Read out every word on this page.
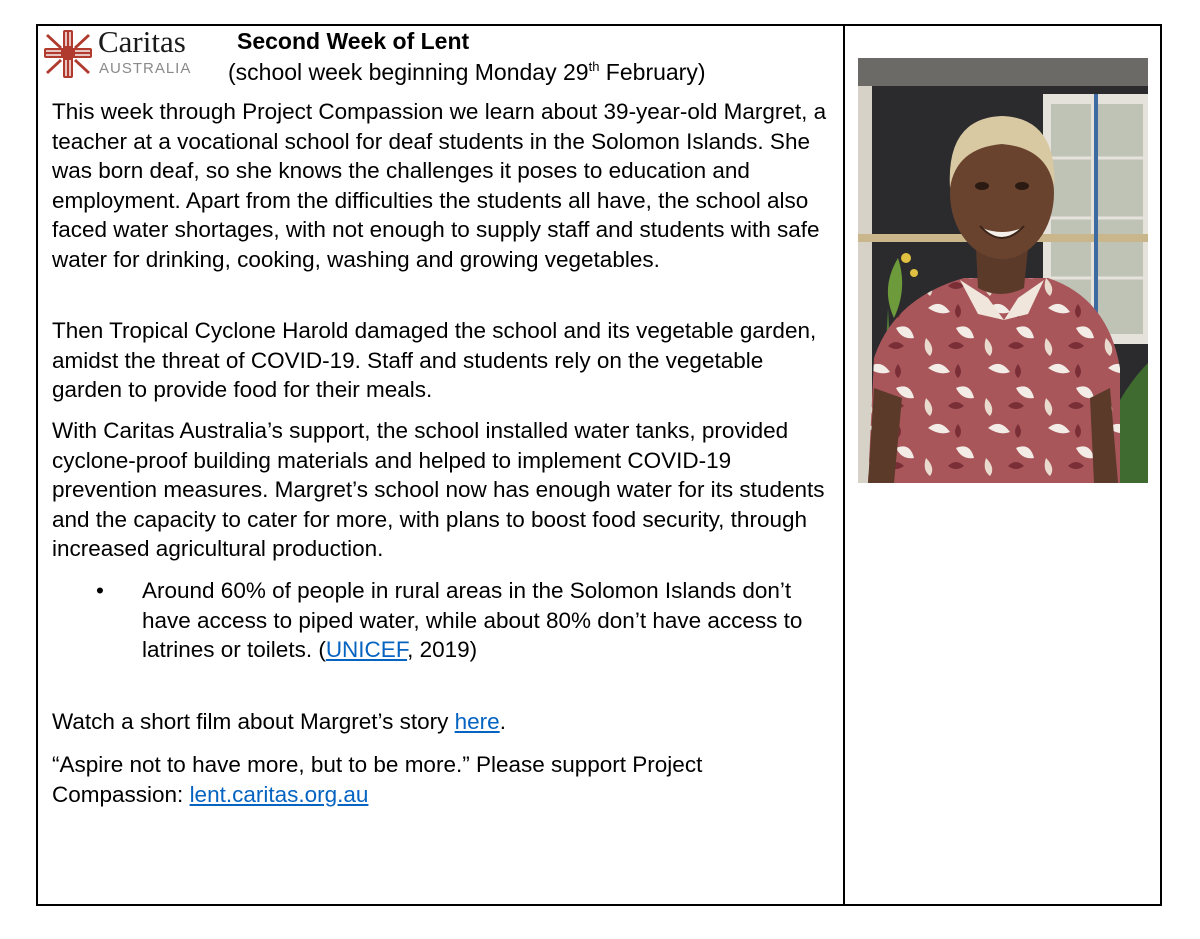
Caritas
AUSTRALIA
Second Week of Lent
(school week beginning Monday 29th February)

This week through Project Compassion we learn about 39-year-old Margret, a teacher at a vocational school for deaf students in the Solomon Islands. She was born deaf, so she knows the challenges it poses to education and employment. Apart from the difficulties the students all have, the school also faced water shortages, with not enough to supply staff and students with safe water for drinking, cooking, washing and growing vegetables.

Then Tropical Cyclone Harold damaged the school and its vegetable garden, amidst the threat of COVID-19. Staff and students rely on the vegetable garden to provide food for their meals.

With Caritas Australia’s support, the school installed water tanks, provided cyclone-proof building materials and helped to implement COVID-19 prevention measures. Margret’s school now has enough water for its students and the capacity to cater for more, with plans to boost food security, through increased agricultural production.

• Around 60% of people in rural areas in the Solomon Islands don’t have access to piped water, while about 80% don’t have access to latrines or toilets. (UNICEF, 2019)

Watch a short film about Margret’s story here.

“Aspire not to have more, but to be more.” Please support Project Compassion: lent.caritas.org.au
